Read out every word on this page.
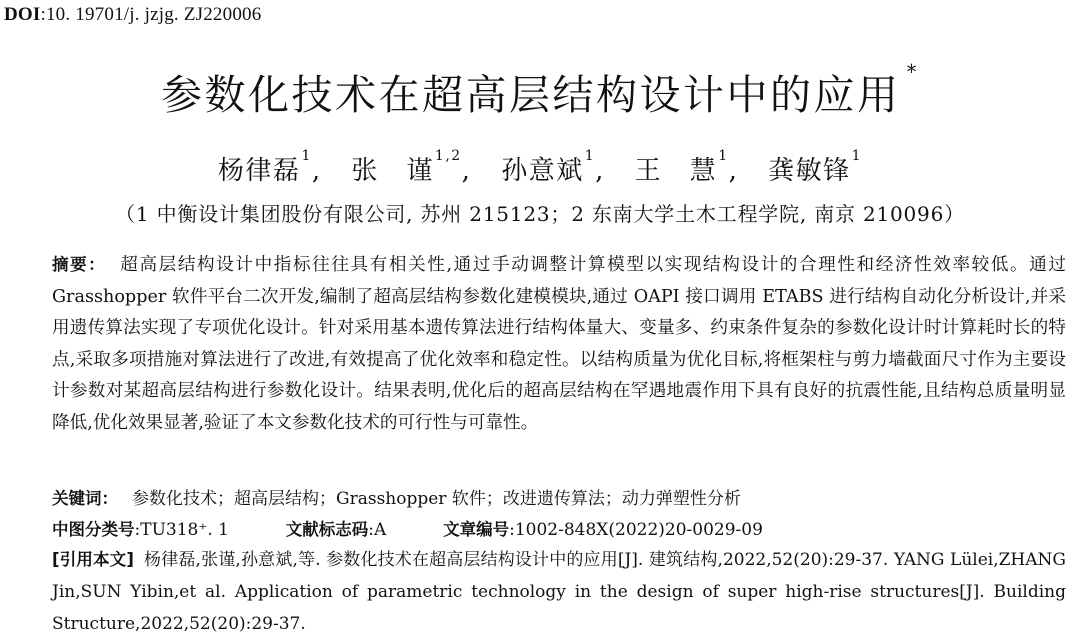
DOI:10. 19701/j. jzjg. ZJ220006
参数化技术在超高层结构设计中的应用 *
杨律磊$^1$, 张　谨$^{1,2}$, 孙意斌$^1$, 王　慧$^1$, 龚敏锋$^1$
（1 中衡设计集团股份有限公司, 苏州 215123；2 东南大学土木工程学院, 南京 210096）
摘要： 超高层结构设计中指标往往具有相关性,通过手动调整计算模型以实现结构设计的合理性和经济性效率较低。通过 Grasshopper 软件平台二次开发,编制了超高层结构参数化建模模块,通过 OAPI 接口调用 ETABS 进行结构自动化分析设计,并采用遗传算法实现了专项优化设计。针对采用基本遗传算法进行结构体量大、变量多、约束条件复杂的参数化设计时计算耗时长的特点,采取多项措施对算法进行了改进,有效提高了优化效率和稳定性。以结构质量为优化目标,将框架柱与剪力墙截面尺寸作为主要设计参数对某超高层结构进行参数化设计。结果表明,优化后的超高层结构在罕遇地震作用下具有良好的抗震性能,且结构总质量明显降低,优化效果显著,验证了本文参数化技术的可行性与可靠性。
关键词： 参数化技术；超高层结构；Grasshopper 软件；改进遗传算法；动力弹塑性分析
中图分类号:TU318⁺. 1	文献标志码:A	文章编号:1002-848X(2022)20-0029-09
[引用本文] 杨律磊,张谨,孙意斌,等. 参数化技术在超高层结构设计中的应用[J]. 建筑结构,2022,52(20):29-37. YANG Lülei,ZHANG Jin,SUN Yibin,et al. Application of parametric technology in the design of super high-rise structures[J]. Building Structure,2022,52(20):29-37.
